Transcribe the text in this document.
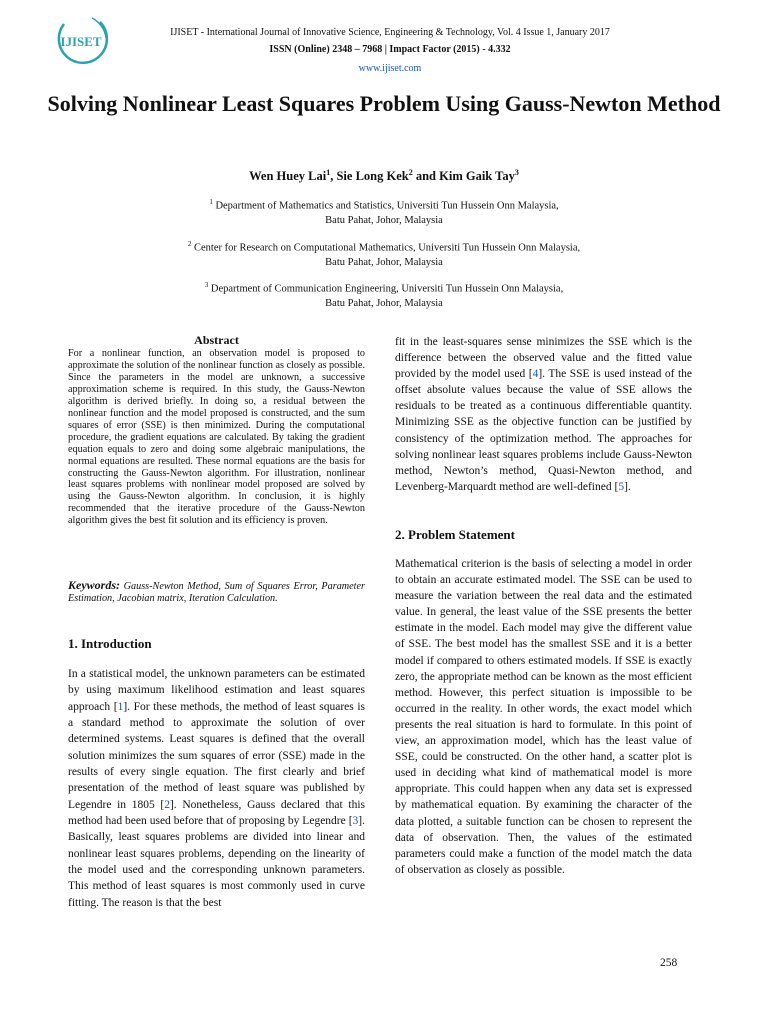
IJISET
IJISET - International Journal of Innovative Science, Engineering & Technology, Vol. 4 Issue 1, January 2017
ISSN (Online) 2348 – 7968 | Impact Factor (2015) - 4.332
www.ijiset.com
Solving Nonlinear Least Squares Problem Using Gauss-Newton Method
Wen Huey Lai$^1$, Sie Long Kek$^2$ and Kim Gaik Tay$^3$
$^1$ Department of Mathematics and Statistics, Universiti Tun Hussein Onn Malaysia,
Batu Pahat, Johor, Malaysia
$^2$ Center for Research on Computational Mathematics, Universiti Tun Hussein Onn Malaysia,
Batu Pahat, Johor, Malaysia
$^3$ Department of Communication Engineering, Universiti Tun Hussein Onn Malaysia,
Batu Pahat, Johor, Malaysia
Abstract
For a nonlinear function, an observation model is proposed to approximate the solution of the nonlinear function as closely as possible. Since the parameters in the model are unknown, a successive approximation scheme is required. In this study, the Gauss-Newton algorithm is derived briefly. In doing so, a residual between the nonlinear function and the model proposed is constructed, and the sum squares of error (SSE) is then minimized. During the computational procedure, the gradient equations are calculated. By taking the gradient equation equals to zero and doing some algebraic manipulations, the normal equations are resulted. These normal equations are the basis for constructing the Gauss-Newton algorithm. For illustration, nonlinear least squares problems with nonlinear model proposed are solved by using the Gauss-Newton algorithm. In conclusion, it is highly recommended that the iterative procedure of the Gauss-Newton algorithm gives the best fit solution and its efficiency is proven.
Keywords: Gauss-Newton Method, Sum of Squares Error, Parameter Estimation, Jacobian matrix, Iteration Calculation.
1. Introduction
In a statistical model, the unknown parameters can be estimated by using maximum likelihood estimation and least squares approach [1]. For these methods, the method of least squares is a standard method to approximate the solution of over determined systems. Least squares is defined that the overall solution minimizes the sum squares of error (SSE) made in the results of every single equation. The first clearly and brief presentation of the method of least square was published by Legendre in 1805 [2]. Nonetheless, Gauss declared that this method had been used before that of proposing by Legendre [3]. Basically, least squares problems are divided into linear and nonlinear least squares problems, depending on the linearity of the model used and the corresponding unknown parameters. This method of least squares is most commonly used in curve fitting. The reason is that the best
fit in the least-squares sense minimizes the SSE which is the difference between the observed value and the fitted value provided by the model used [4]. The SSE is used instead of the offset absolute values because the value of SSE allows the residuals to be treated as a continuous differentiable quantity. Minimizing SSE as the objective function can be justified by consistency of the optimization method. The approaches for solving nonlinear least squares problems include Gauss-Newton method, Newton’s method, Quasi-Newton method, and Levenberg-Marquardt method are well-defined [5].
2. Problem Statement
Mathematical criterion is the basis of selecting a model in order to obtain an accurate estimated model. The SSE can be used to measure the variation between the real data and the estimated value. In general, the least value of the SSE presents the better estimate in the model. Each model may give the different value of SSE. The best model has the smallest SSE and it is a better model if compared to others estimated models. If SSE is exactly zero, the appropriate method can be known as the most efficient method. However, this perfect situation is impossible to be occurred in the reality. In other words, the exact model which presents the real situation is hard to formulate. In this point of view, an approximation model, which has the least value of SSE, could be constructed. On the other hand, a scatter plot is used in deciding what kind of mathematical model is more appropriate. This could happen when any data set is expressed by mathematical equation. By examining the character of the data plotted, a suitable function can be chosen to represent the data of observation. Then, the values of the estimated parameters could make a function of the model match the data of observation as closely as possible.
258
